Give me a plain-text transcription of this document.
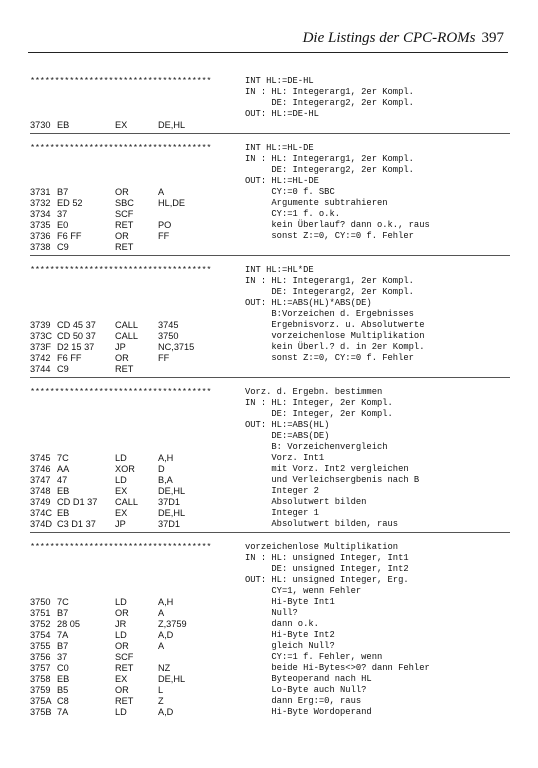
Die Listings der CPC-ROMs 397
*************************************	INT HL:=DE-HL
IN : HL: Integerarg1, 2er Kompl.
DE: Integerarg2, 2er Kompl.
OUT: HL:=DE-HL
3730 EB	EX	DE,HL
*************************************	INT HL:=HL-DE
IN : HL: Integerarg1, 2er Kompl.
DE: Integerarg2, 2er Kompl.
OUT: HL:=HL-DE
3731 B7	OR	A	CY:=0 f. SBC
3732 ED 52	SBC	HL,DE	Argumente subtrahieren
3734 37	SCF	CY:=1 f. o.k.
3735 E0	RET	PO	kein Überlauf? dann o.k., raus
3736 F6 FF	OR	FF	sonst Z:=0, CY:=0 f. Fehler
3738 C9	RET
*************************************	INT HL:=HL*DE
IN : HL: Integerarg1, 2er Kompl.
DE: Integerarg2, 2er Kompl.
OUT: HL:=ABS(HL)*ABS(DE)
B:Vorzeichen d. Ergebnisses
3739 CD 45 37 CALL 3745	Ergebnisvorz. u. Absolutwerte
373C CD 50 37 CALL 3750	vorzeichenlose Multiplikation
373F D2 15 37 JP	NC,3715	kein Überl.? d. in 2er Kompl.
3742 F6 FF	OR	FF	sonst Z:=0, CY:=0 f. Fehler
3744 C9	RET
*************************************	Vorz. d. Ergebn. bestimmen
IN : HL: Integer, 2er Kompl.
DE: Integer, 2er Kompl.
OUT: HL:=ABS(HL)
DE:=ABS(DE)
B: Vorzeichenvergleich
3745 7C	LD	A,H	Vorz. Int1
3746 AA	XOR	D	mit Vorz. Int2 vergleichen
3747 47	LD	B,A	und Verleichsergbenis nach B
3748 EB	EX	DE,HL	Integer 2
3749 CD D1 37 CALL 37D1	Absolutwert bilden
374C EB	EX	DE,HL	Integer 1
374D C3 D1 37 JP	37D1	Absolutwert bilden, raus
*************************************	vorzeichenlose Multiplikation
IN : HL: unsigned Integer, Int1
DE: unsigned Integer, Int2
OUT: HL: unsigned Integer, Erg.
CY=1, wenn Fehler
3750 7C	LD	A,H	Hi-Byte Int1
3751 B7	OR	A	Null?
3752 28 05	JR	Z,3759	dann o.k.
3754 7A	LD	A,D	Hi-Byte Int2
3755 B7	OR	A	gleich Null?
3756 37	SCF	CY:=1 f. Fehler, wenn
3757 C0	RET	NZ	beide Hi-Bytes<>0? dann Fehler
3758 EB	EX	DE,HL	Byteoperand nach HL
3759 B5	OR	L	Lo-Byte auch Null?
375A C8	RET	Z	dann Erg:=0, raus
375B 7A	LD	A,D	Hi-Byte Wordoperand
